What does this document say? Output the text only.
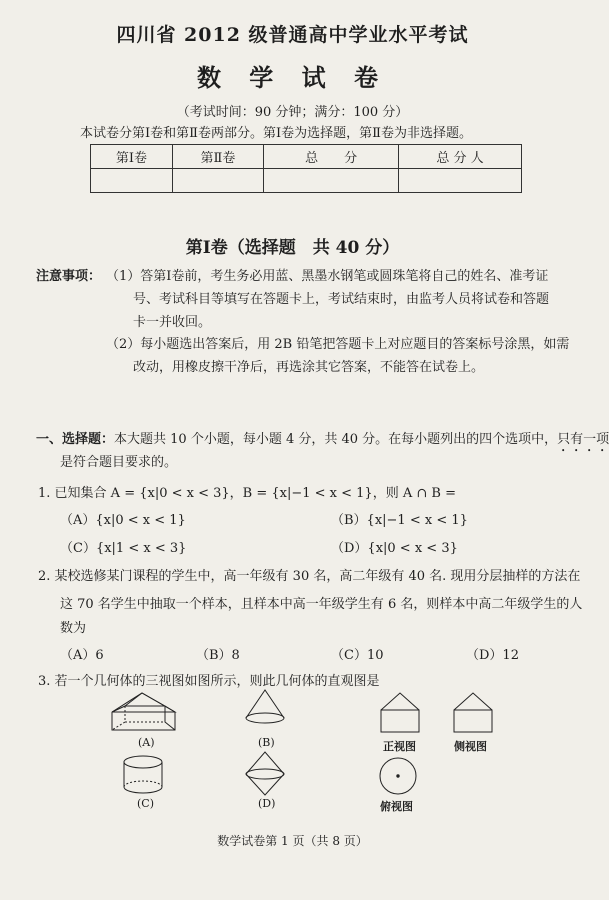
四川省 2012 级普通高中学业水平考试
数 学 试 卷
（考试时间：90 分钟；满分：100 分）
本试卷分第Ⅰ卷和第Ⅱ卷两部分。第Ⅰ卷为选择题，第Ⅱ卷为非选择题。
第Ⅰ卷	第Ⅱ卷	总　　分	总 分 人

第Ⅰ卷（选择题　共 40 分）
注意事项： （1）答第Ⅰ卷前，考生务必用蓝、黑墨水钢笔或圆珠笔将自己的姓名、准考证
号、考试科目等填写在答题卡上，考试结束时，由监考人员将试卷和答题
卡一并收回。
（2）每小题选出答案后，用 2B 铅笔把答题卡上对应题目的答案标号涂黑，如需
改动，用橡皮擦干净后，再选涂其它答案，不能答在试卷上。
一、选择题：本大题共 10 个小题，每小题 4 分，共 40 分。在每小题列出的四个选项中，只有一项
是符合题目要求的。
1. 已知集合 A = {x|0 < x < 3}，B = {x|−1 < x < 1}，则 A ∩ B =
（A）{x|0 < x < 1}	（B）{x|−1 < x < 1}
（C）{x|1 < x < 3}	（D）{x|0 < x < 3}
2. 某校选修某门课程的学生中，高一年级有 30 名，高二年级有 40 名. 现用分层抽样的方法在
这 70 名学生中抽取一个样本，且样本中高一年级学生有 6 名，则样本中高二年级学生的人
数为
（A）6	（B）8	（C）10	（D）12
3. 若一个几何体的三视图如图所示，则此几何体的直观图是
(A)	(B)	正视图	侧视图
(C)	(D)	俯视图
数学试卷第 1 页（共 8 页）
